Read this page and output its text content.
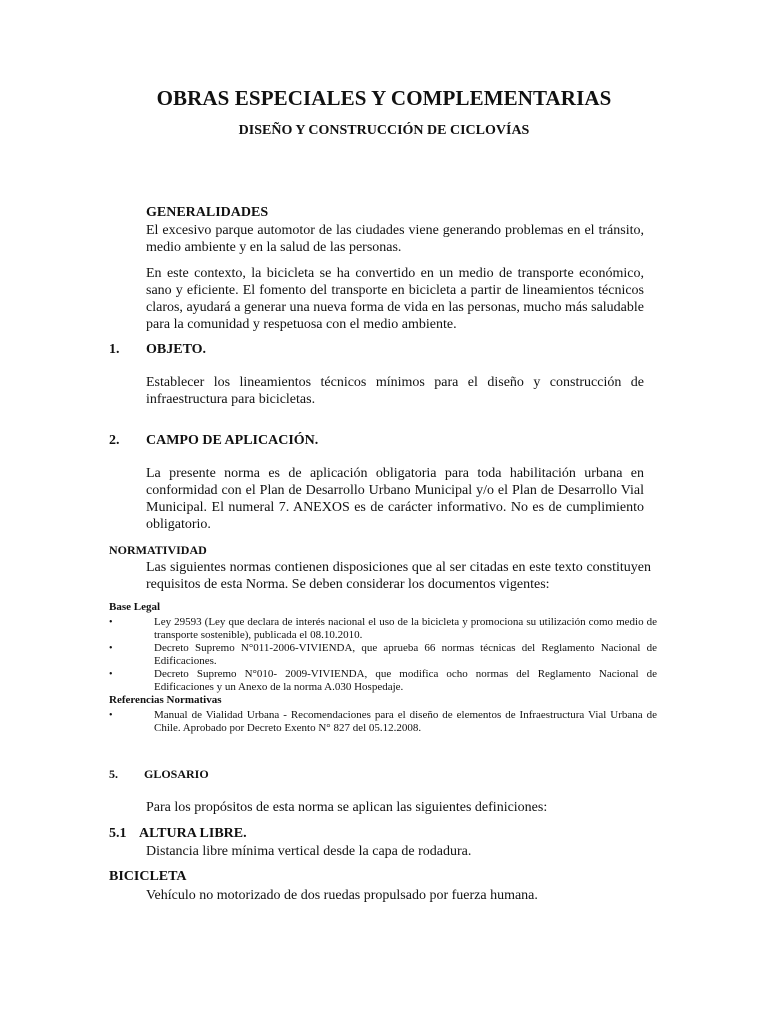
OBRAS ESPECIALES Y COMPLEMENTARIAS
DISEÑO Y CONSTRUCCIÓN DE CICLOVÍAS
GENERALIDADES
El excesivo parque automotor de las ciudades viene generando problemas en el tránsito, medio ambiente y en la salud de las personas.
En este contexto, la bicicleta se ha convertido en un medio de transporte económico, sano y eficiente. El fomento del transporte en bicicleta a partir de lineamientos técnicos claros, ayudará a generar una nueva forma de vida en las personas, mucho más saludable para la comunidad y respetuosa con el medio ambiente.
1. OBJETO.
Establecer los lineamientos técnicos mínimos para el diseño y construcción de infraestructura para bicicletas.
2. CAMPO DE APLICACIÓN.
La presente norma es de aplicación obligatoria para toda habilitación urbana en conformidad con el Plan de Desarrollo Urbano Municipal y/o el Plan de Desarrollo Vial Municipal. El numeral 7. ANEXOS es de carácter informativo. No es de cumplimiento obligatorio.
NORMATIVIDAD
Las siguientes normas contienen disposiciones que al ser citadas en este texto constituyen requisitos de esta Norma. Se deben considerar los documentos vigentes:
Base Legal
•	Ley 29593 (Ley que declara de interés nacional el uso de la bicicleta y promociona su utilización como medio de transporte sostenible), publicada el 08.10.2010.
•	Decreto Supremo N°011-2006-VIVIENDA, que aprueba 66 normas técnicas del Reglamento Nacional de Edificaciones.
•	Decreto Supremo N°010- 2009-VIVIENDA, que modifica ocho normas del Reglamento Nacional de Edificaciones y un Anexo de la norma A.030 Hospedaje.
Referencias Normativas
•	Manual de Vialidad Urbana - Recomendaciones para el diseño de elementos de Infraestructura Vial Urbana de Chile. Aprobado por Decreto Exento N° 827 del 05.12.2008.
5. GLOSARIO
Para los propósitos de esta norma se aplican las siguientes definiciones:
5.1 ALTURA LIBRE.
Distancia libre mínima vertical desde la capa de rodadura.
BICICLETA
Vehículo no motorizado de dos ruedas propulsado por fuerza humana.
